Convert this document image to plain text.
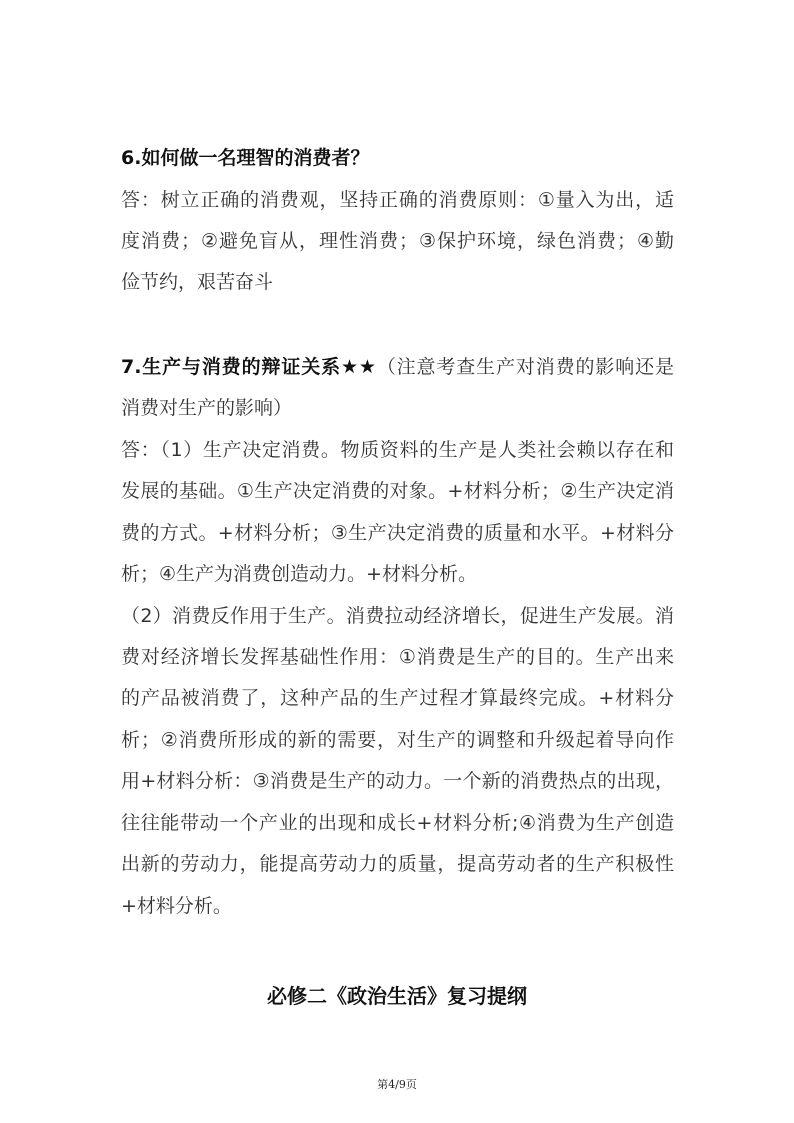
6.如何做一名理智的消费者？
答：树立正确的消费观，坚持正确的消费原则：①量入为出，适
度消费；②避免盲从，理性消费；③保护环境，绿色消费；④勤
俭节约，艰苦奋斗
7.生产与消费的辩证关系★★（注意考查生产对消费的影响还是
消费对生产的影响）
答：（1）生产决定消费。物质资料的生产是人类社会赖以存在和
发展的基础。①生产决定消费的对象。+材料分析；②生产决定消
费的方式。+材料分析；③生产决定消费的质量和水平。+材料分
析；④生产为消费创造动力。+材料分析。
（2）消费反作用于生产。消费拉动经济增长，促进生产发展。消
费对经济增长发挥基础性作用：①消费是生产的目的。生产出来
的产品被消费了，这种产品的生产过程才算最终完成。+材料分
析；②消费所形成的新的需要，对生产的调整和升级起着导向作
用+材料分析：③消费是生产的动力。一个新的消费热点的出现，
往往能带动一个产业的出现和成长+材料分析;④消费为生产创造
出新的劳动力，能提高劳动力的质量，提高劳动者的生产积极性
+材料分析。
必修二《政治生活》复习提纲
第4/9页
